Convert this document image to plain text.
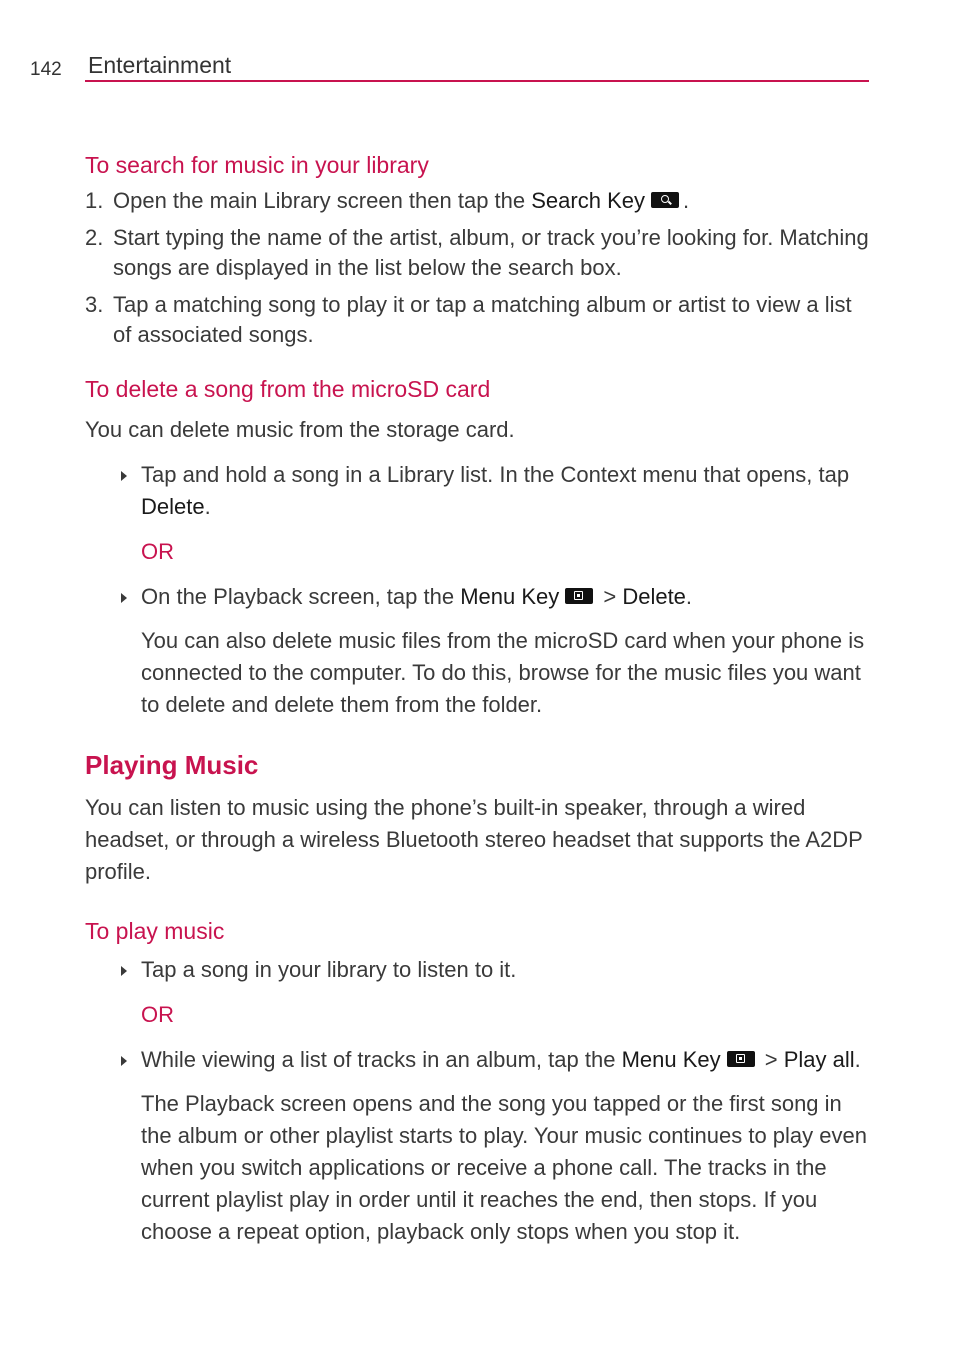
142 Entertainment
To search for music in your library
1. Open the main Library screen then tap the Search Key .
2. Start typing the name of the artist, album, or track you’re looking for. Matching songs are displayed in the list below the search box.
3. Tap a matching song to play it or tap a matching album or artist to view a list of associated songs.
To delete a song from the microSD card

You can delete music from the storage card.

Tap and hold a song in a Library list. In the Context menu that opens, tap Delete.
OR
On the Playback screen, tap the Menu Key > Delete.

You can also delete music files from the microSD card when your phone is connected to the computer. To do this, browse for the music files you want to delete and delete them from the folder.

Playing Music

You can listen to music using the phone’s built-in speaker, through a wired headset, or through a wireless Bluetooth stereo headset that supports the A2DP profile.

To play music
Tap a song in your library to listen to it.
OR
While viewing a list of tracks in an album, tap the Menu Key > Play all.

The Playback screen opens and the song you tapped or the first song in the album or other playlist starts to play. Your music continues to play even when you switch applications or receive a phone call. The tracks in the current playlist play in order until it reaches the end, then stops. If you choose a repeat option, playback only stops when you stop it.
